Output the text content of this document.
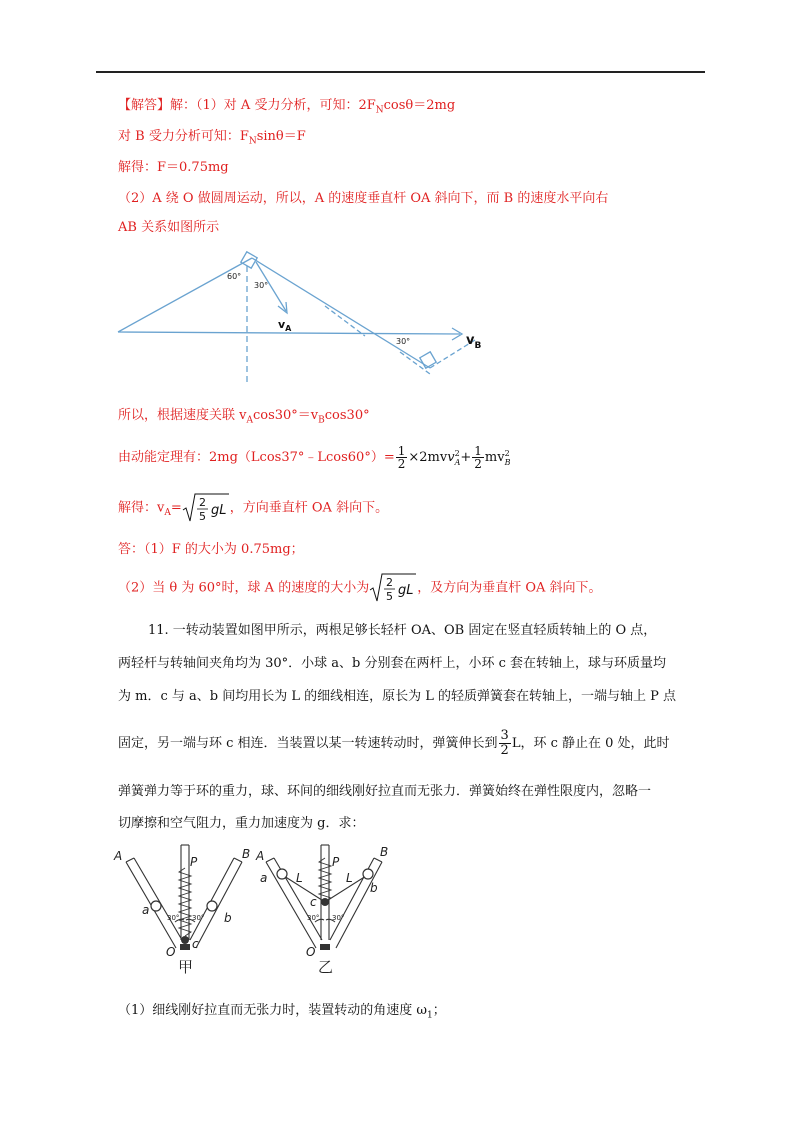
【解答】解：（1）对 A 受力分析，可知：$2F_N\cos\theta=2mg$
对 B 受力分析可知：$F_N\sin\theta=F$
解得：F＝0.75mg
（2）A 绕 O 做圆周运动，所以，A 的速度垂直杆 OA 斜向下，而 B 的速度水平向右
AB 关系如图所示
60°
30°
$v_A$
30°	$v_B$
所以，根据速度关联 $v_A\cos 30^\circ=v_B\cos 30^\circ$
由动能定理有：2mg（Lcos37°﹣Lcos60°）= $\frac{1}{2} \times 2mvv$ 2
$A + \frac{1}{2}$ mv 2
B
解得：$v_A= 2$
5 gL ，方向垂直杆 OA 斜向下。
答：（1）F 的大小为 0.75mg；
（2）当 θ 为 60°时，球 A 的速度的大小为 2
5 gL ，及方向为垂直杆 OA 斜向下。
11. 一转动装置如图甲所示，两根足够长轻杆 OA、OB 固定在竖直轻质转轴上的 O 点，
两轻杆与转轴间夹角均为 30°．小球 a、b 分别套在两杆上，小环 c 套在转轴上，球与环质量均
为 m．c 与 a、b 间均用长为 L 的细线相连，原长为 L 的轻质弹簧套在转轴上，一端与轴上 P 点
固定，另一端与环 c 相连．当装置以某一转速转动时，弹簧伸长到 $\frac{3}{2}$ L，环 c 静止在 0 处，此时
弹簧弹力等于环的重力，球、环间的细线刚好拉直而无张力．弹簧始终在弹性限度内，忽略一
切摩擦和空气阻力，重力加速度为 g．求：
A	B
P
a
b
O
c
30° 30°
甲
A	B
P
a
b
O
c
L	L
30° 30°
乙
（1）细线刚好拉直而无张力时，装置转动的角速度 $\omega_1$；
